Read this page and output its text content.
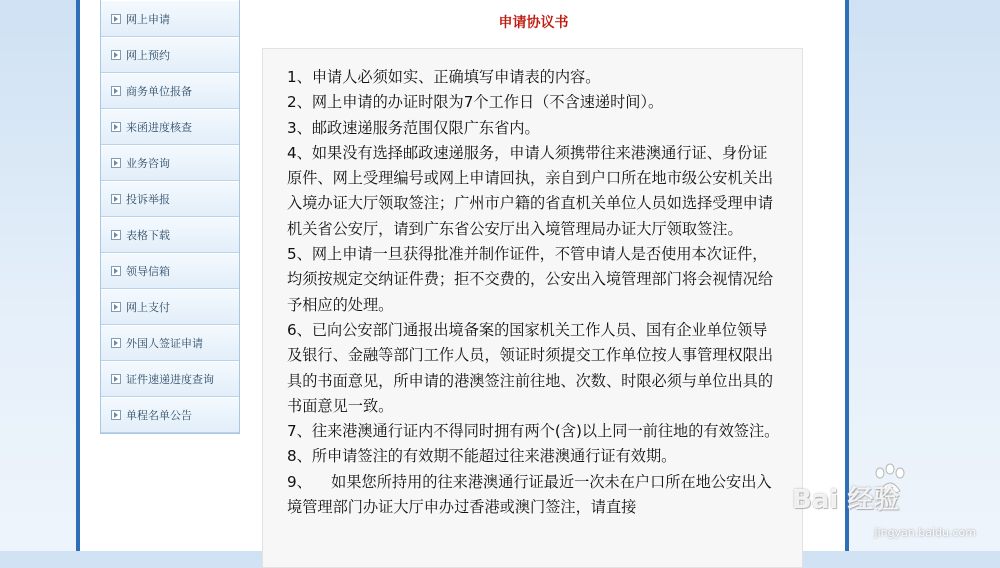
网上申请
网上预约
商务单位报备
来函进度核查
业务咨询
投诉举报
表格下载
领导信箱
网上支付
外国人签证申请
证件速递进度查询
单程名单公告
申请协议书

1、申请人必须如实、正确填写申请表的内容。

2、网上申请的办证时限为7个工作日（不含速递时间）。

3、邮政速递服务范围仅限广东省内。

4、如果没有选择邮政速递服务，申请人须携带往来港澳通行证、身份证原件、网上受理编号或网上申请回执，亲自到户口所在地市级公安机关出入境办证大厅领取签注；广州市户籍的省直机关单位人员如选择受理申请机关省公安厅，请到广东省公安厅出入境管理局办证大厅领取签注。

5、网上申请一旦获得批准并制作证件，不管申请人是否使用本次证件，均须按规定交纳证件费；拒不交费的，公安出入境管理部门将会视情况给予相应的处理。

6、已向公安部门通报出境备案的国家机关工作人员、国有企业单位领导及银行、金融等部门工作人员，领证时须提交工作单位按人事管理权限出具的书面意见，所申请的港澳签注前往地、次数、时限必须与单位出具的书面意见一致。

7、往来港澳通行证内不得同时拥有两个(含)以上同一前往地的有效签注。

8、所申请签注的有效期不能超过往来港澳通行证有效期。

9、    如果您所持用的往来港澳通行证最近一次未在户口所在地公安出入境管理部门办证大厅申办过香港或澳门签注，请直接	Bai 经验
jingyan.baidu.com
